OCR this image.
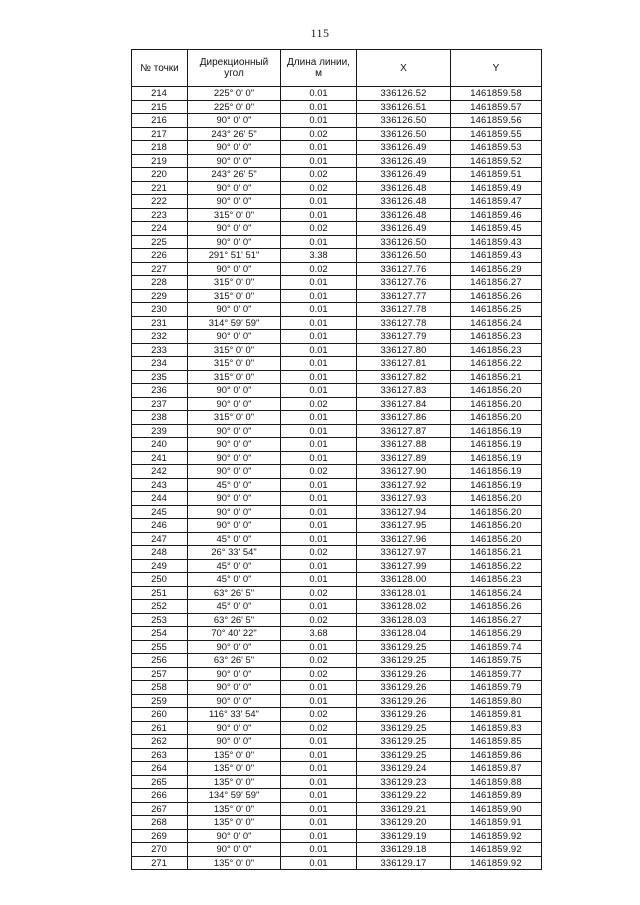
115
№ точки	Дирекционный угол	Длина линии, м	X	Y
214	225° 0' 0"	0.01	336126.52	1461859.58
215	225° 0' 0"	0.01	336126.51	1461859.57
216	90° 0' 0"	0.01	336126.50	1461859.56
217	243° 26' 5"	0.02	336126.50	1461859.55
218	90° 0' 0"	0.01	336126.49	1461859.53
219	90° 0' 0"	0.01	336126.49	1461859.52
220	243° 26' 5"	0.02	336126.49	1461859.51
221	90° 0' 0"	0.02	336126.48	1461859.49
222	90° 0' 0"	0.01	336126.48	1461859.47
223	315° 0' 0"	0.01	336126.48	1461859.46
224	90° 0' 0"	0.02	336126.49	1461859.45
225	90° 0' 0"	0.01	336126.50	1461859.43
226	291° 51' 51"	3.38	336126.50	1461859.43
227	90° 0' 0"	0.02	336127.76	1461856.29
228	315° 0' 0"	0.01	336127.76	1461856.27
229	315° 0' 0"	0.01	336127.77	1461856.26
230	90° 0' 0"	0.01	336127.78	1461856.25
231	314° 59' 59"	0.01	336127.78	1461856.24
232	90° 0' 0"	0.01	336127.79	1461856.23
233	315° 0' 0"	0.01	336127.80	1461856.23
234	315° 0' 0"	0.01	336127.81	1461856.22
235	315° 0' 0"	0.01	336127.82	1461856.21
236	90° 0' 0"	0.01	336127.83	1461856.20
237	90° 0' 0"	0.02	336127.84	1461856.20
238	315° 0' 0"	0.01	336127.86	1461856.20
239	90° 0' 0"	0.01	336127.87	1461856.19
240	90° 0' 0"	0.01	336127.88	1461856.19
241	90° 0' 0"	0.01	336127.89	1461856.19
242	90° 0' 0"	0.02	336127.90	1461856.19
243	45° 0' 0"	0.01	336127.92	1461856.19
244	90° 0' 0"	0.01	336127.93	1461856.20
245	90° 0' 0"	0.01	336127.94	1461856.20
246	90° 0' 0"	0.01	336127.95	1461856.20
247	45° 0' 0"	0.01	336127.96	1461856.20
248	26° 33' 54"	0.02	336127.97	1461856.21
249	45° 0' 0"	0.01	336127.99	1461856.22
250	45° 0' 0"	0.01	336128.00	1461856.23
251	63° 26' 5"	0.02	336128.01	1461856.24
252	45° 0' 0"	0.01	336128.02	1461856.26
253	63° 26' 5"	0.02	336128.03	1461856.27
254	70° 40' 22"	3.68	336128.04	1461856.29
255	90° 0' 0"	0.01	336129.25	1461859.74
256	63° 26' 5"	0.02	336129.25	1461859.75
257	90° 0' 0"	0.02	336129.26	1461859.77
258	90° 0' 0"	0.01	336129.26	1461859.79
259	90° 0' 0"	0.01	336129.26	1461859.80
260	116° 33' 54"	0.02	336129.26	1461859.81
261	90° 0' 0"	0.02	336129.25	1461859.83
262	90° 0' 0"	0.01	336129.25	1461859.85
263	135° 0' 0"	0.01	336129.25	1461859.86
264	135° 0' 0"	0.01	336129.24	1461859.87
265	135° 0' 0"	0.01	336129.23	1461859.88
266	134° 59' 59"	0.01	336129.22	1461859.89
267	135° 0' 0"	0.01	336129.21	1461859.90
268	135° 0' 0"	0.01	336129.20	1461859.91
269	90° 0' 0"	0.01	336129.19	1461859.92
270	90° 0' 0"	0.01	336129.18	1461859.92
271	135° 0' 0"	0.01	336129.17	1461859.92
